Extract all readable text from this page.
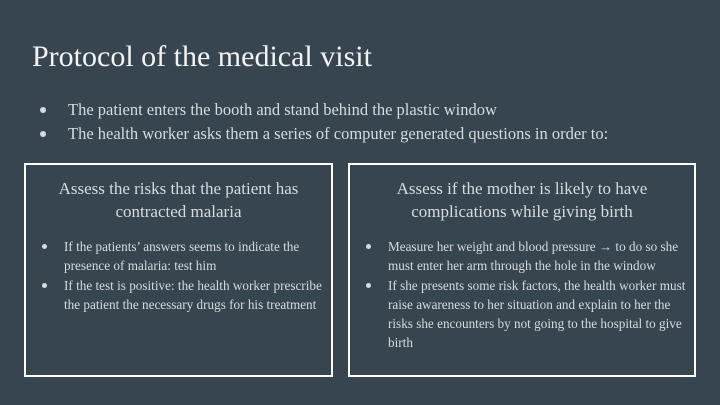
Protocol of the medical visit
The patient enters the booth and stand behind the plastic window
The health worker asks them a series of computer generated questions in order to:
Assess the risks that the patient has contracted malaria
If the patients’ answers seems to indicate the presence of malaria: test him
If the test is positive: the health worker prescribe the patient the necessary drugs for his treatment
Assess if the mother is likely to have complications while giving birth
Measure her weight and blood pressure → to do so she must enter her arm through the hole in the window
If she presents some risk factors, the health worker must raise awareness to her situation and explain to her the risks she encounters by not going to the hospital to give birth
